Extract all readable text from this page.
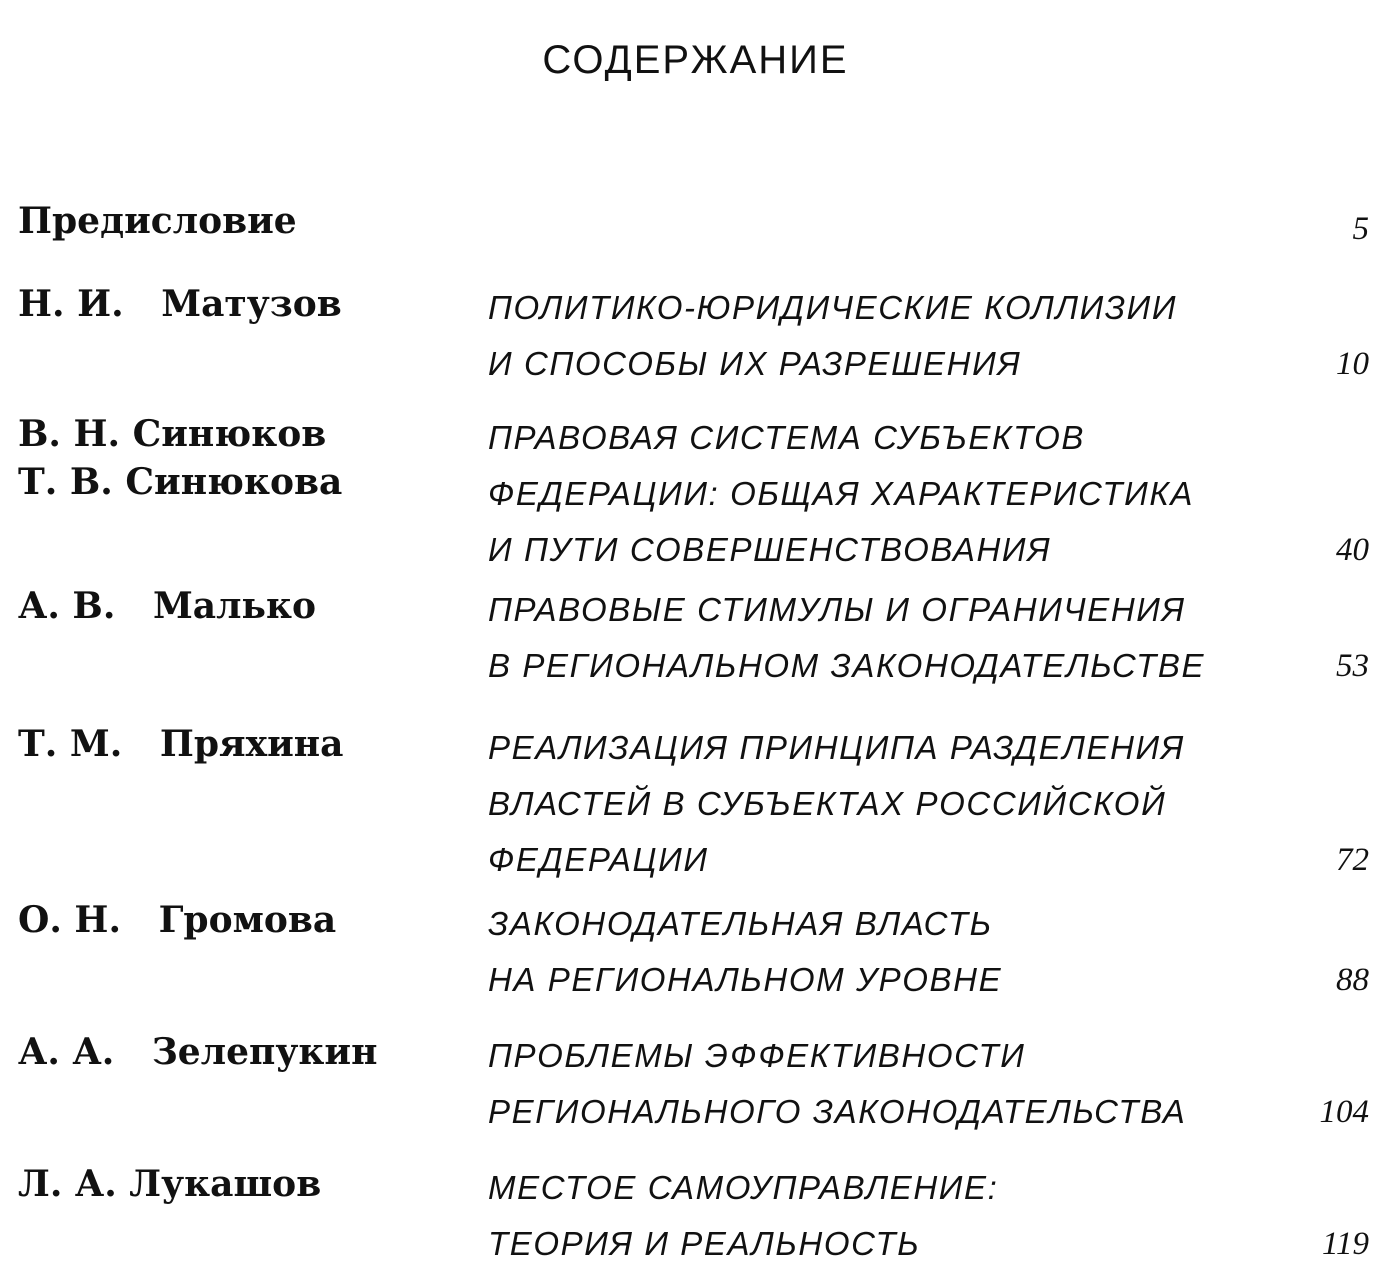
СОДЕРЖАНИЕ
Предисловие	5
Н. И.   Матузов	ПОЛИТИКО-ЮРИДИЧЕСКИЕ КОЛЛИЗИИ
И СПОСОБЫ ИХ РАЗРЕШЕНИЯ	10
В. Н. Синюков
Т. В. Синюкова
ПРАВОВАЯ СИСТЕМА СУБЪЕКТОВ
ФЕДЕРАЦИИ: ОБЩАЯ ХАРАКТЕРИСТИКА
И ПУТИ СОВЕРШЕНСТВОВАНИЯ	40
А. В.   Малько	ПРАВОВЫЕ СТИМУЛЫ И ОГРАНИЧЕНИЯ
В РЕГИОНАЛЬНОМ ЗАКОНОДАТЕЛЬСТВЕ	53
Т. М.   Пряхина	РЕАЛИЗАЦИЯ ПРИНЦИПА РАЗДЕЛЕНИЯ
ВЛАСТЕЙ В СУБЪЕКТАХ РОССИЙСКОЙ
ФЕДЕРАЦИИ	72
О. Н.   Громова	ЗАКОНОДАТЕЛЬНАЯ ВЛАСТЬ
НА РЕГИОНАЛЬНОМ УРОВНЕ	88
А. А.   Зелепукин	ПРОБЛЕМЫ ЭФФЕКТИВНОСТИ
РЕГИОНАЛЬНОГО ЗАКОНОДАТЕЛЬСТВА	104
Л. А. Лукашов	МЕСТОЕ САМОУПРАВЛЕНИЕ:
ТЕОРИЯ И РЕАЛЬНОСТЬ	119
